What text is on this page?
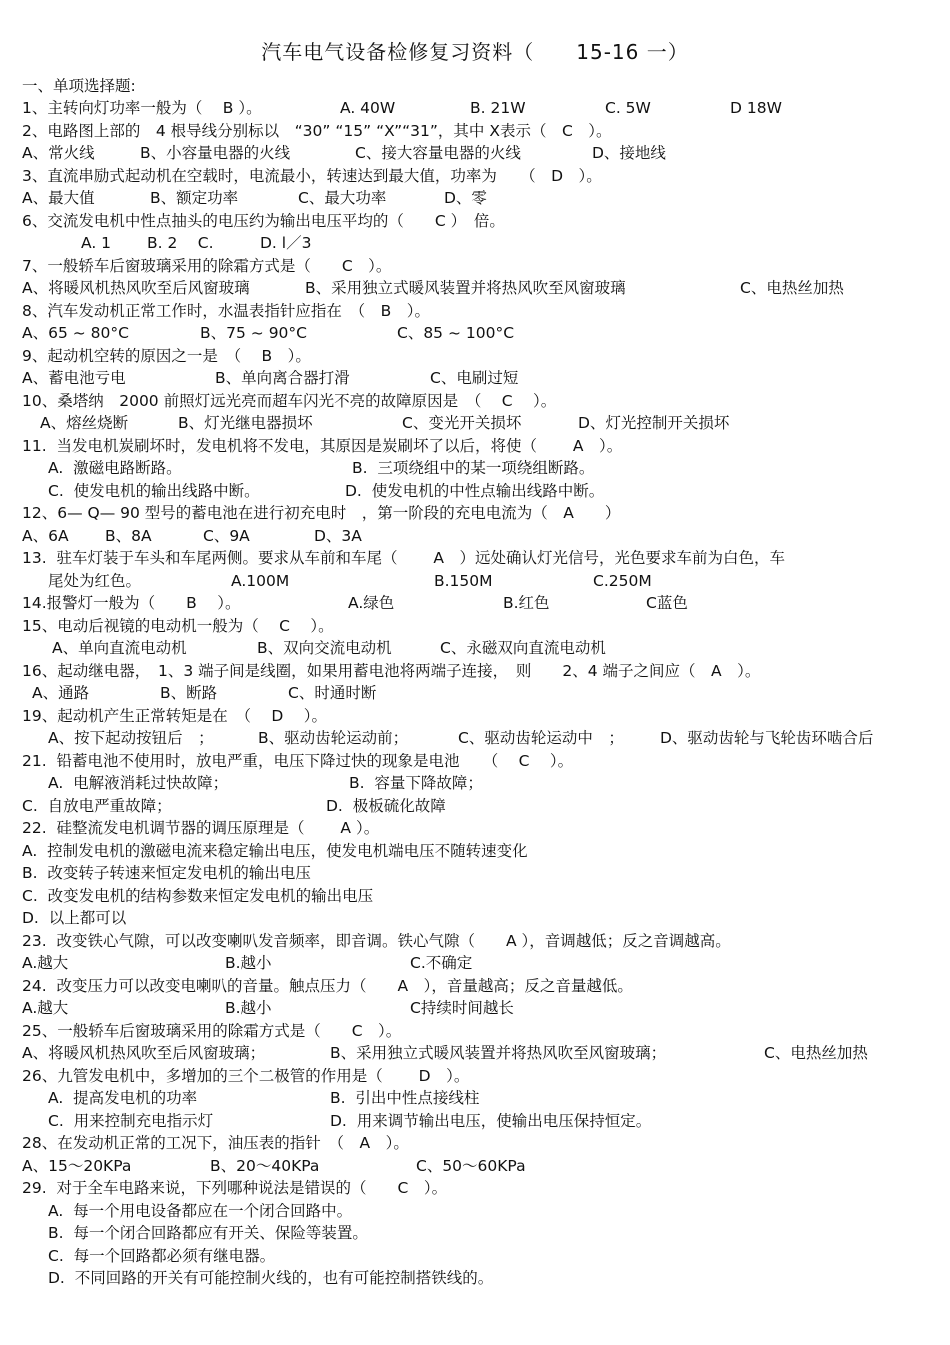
汽车电气设备检修复习资料（　　15-16 一）
一、单项选择题:
1、主转向灯功率一般为（　 B ）。	A. 40W	B. 21W	C. 5W	D 18W
2、电路图上部的　4 根导线分别标以　“30” “15” “X”“31”，其中 X表示（　C　）。
A、常火线	B、小容量电器的火线	C、接大容量电器的火线	D、接地线
3、直流串励式起动机在空载时，电流最小，转速达到最大值，功率为　　（　D　）。
A、最大值	B、额定功率	C、最大功率	D、零
6、交流发电机中性点抽头的电压约为输出电压平均的（　　C ）　倍。
　　A. 1　　 B. 2　 C.　　　D. l／3
7、一般轿车后窗玻璃采用的除霜方式是（　　C　）。
A、将暖风机热风吹至后风窗玻璃	B、采用独立式暖风装置并将热风吹至风窗玻璃	C、电热丝加热
8、汽车发动机正常工作时，水温表指针应指在　（　B　）。
A、65 ~ 80°C	B、75 ~ 90°C	C、85 ~ 100°C
9、起动机空转的原因之一是　（　 B　）。
A、蓄电池亏电	B、单向离合器打滑	C、电刷过短
10、桑塔纳　2000 前照灯远光亮而超车闪光不亮的故障原因是　（　 C　 ）。
A、熔丝烧断	B、灯光继电器损坏	C、变光开关损坏	D、灯光控制开关损坏
11.  当发电机炭刷坏时，发电机将不发电，其原因是炭刷坏了以后，将使（　　 A　）。
A.  激磁电路断路。	B.  三项绕组中的某一项绕组断路。
C.  使发电机的输出线路中断。	D.  使发电机的中性点输出线路中断。
12、6— Q— 90 型号的蓄电池在进行初充电时　，第一阶段的充电电流为（　A　　）
A、6A B、8A	C、9A	D、3A
13.  驻车灯装于车头和车尾两侧。要求从车前和车尾（　　 A　）远处确认灯光信号，光色要求车前为白色，车
尾处为红色。	A.100M	B.150M	C.250M
14.报警灯一般为（　　B　 ）。	A.绿色	B.红色	C蓝色
15、电动后视镜的电动机一般为（　 C　 ）。
A、单向直流电动机	B、双向交流电动机	C、永磁双向直流电动机
16、起动继电器，　1、3 端子间是线圈，如果用蓄电池将两端子连接，　则　　2、4 端子之间应（　A　）。
A、通路	B、断路	C、时通时断
19、起动机产生正常转矩是在　（　 D　 ）。
A、按下起动按钮后　；	B、驱动齿轮运动前；	C、驱动齿轮运动中　； D、驱动齿轮与飞轮齿环啮合后
21.  铅蓄电池不使用时，放电严重，电压下降过快的现象是电池　　（　 C　 ）。
A.  电解液消耗过快故障；	B.  容量下降故障；
C.  自放电严重故障；	D.  极板硫化故障
22.  硅整流发电机调节器的调压原理是（　　 A ）。
A.  控制发电机的激磁电流来稳定输出电压，使发电机端电压不随转速变化
B.  改变转子转速来恒定发电机的输出电压
C.  改变发电机的结构参数来恒定发电机的输出电压
D.  以上都可以
23.  改变铁心气隙，可以改变喇叭发音频率，即音调。铁心气隙（　　A ），音调越低；反之音调越高。
A.越大	B.越小	C.不确定
24.  改变压力可以改变电喇叭的音量。触点压力（　　A　），音量越高；反之音量越低。
A.越大	B.越小	C持续时间越长
25、一般轿车后窗玻璃采用的除霜方式是（　　C　）。
A、将暖风机热风吹至后风窗玻璃；	B、采用独立式暖风装置并将热风吹至风窗玻璃；	C、电热丝加热
26、九管发电机中，多增加的三个二极管的作用是（　　 D　）。
A.  提高发电机的功率	B.  引出中性点接线柱
C.  用来控制充电指示灯	D.  用来调节输出电压，使输出电压保持恒定。
28、在发动机正常的工况下，油压表的指针　（　A　）。
A、15～20KPa	B、20～40KPa	C、50～60KPa
29.  对于全车电路来说，下列哪种说法是错误的（　　C　）。
A.  每一个用电设备都应在一个闭合回路中。
B.  每一个闭合回路都应有开关、保险等装置。
C.  每一个回路都必须有继电器。
D.  不同回路的开关有可能控制火线的，也有可能控制搭铁线的。
